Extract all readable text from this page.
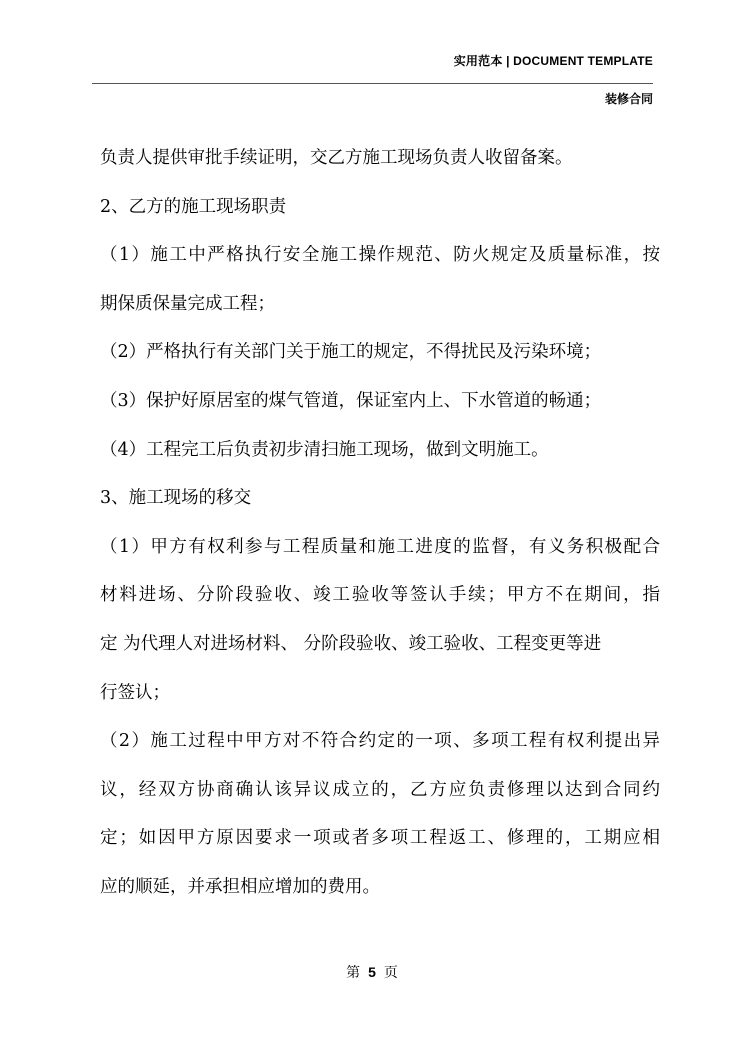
实用范本 | DOCUMENT TEMPLATE
装修合同
负责人提供审批手续证明，交乙方施工现场负责人收留备案。
2、乙方的施工现场职责
（1）施工中严格执行安全施工操作规范、防火规定及质量标准，按
期保质保量完成工程；
（2）严格执行有关部门关于施工的规定，不得扰民及污染环境；
（3）保护好原居室的煤气管道，保证室内上、下水管道的畅通；
（4）工程完工后负责初步清扫施工现场，做到文明施工。
3、施工现场的移交
（1）甲方有权利参与工程质量和施工进度的监督，有义务积极配合
材料进场、分阶段验收、竣工验收等签认手续；甲方不在期间，指
定 为代理人对进场材料、 分阶段验收、竣工验收、工程变更等进
行签认；
（2）施工过程中甲方对不符合约定的一项、多项工程有权利提出异
议，经双方协商确认该异议成立的，乙方应负责修理以达到合同约
定；如因甲方原因要求一项或者多项工程返工、修理的，工期应相
应的顺延，并承担相应增加的费用。
第 5 页
